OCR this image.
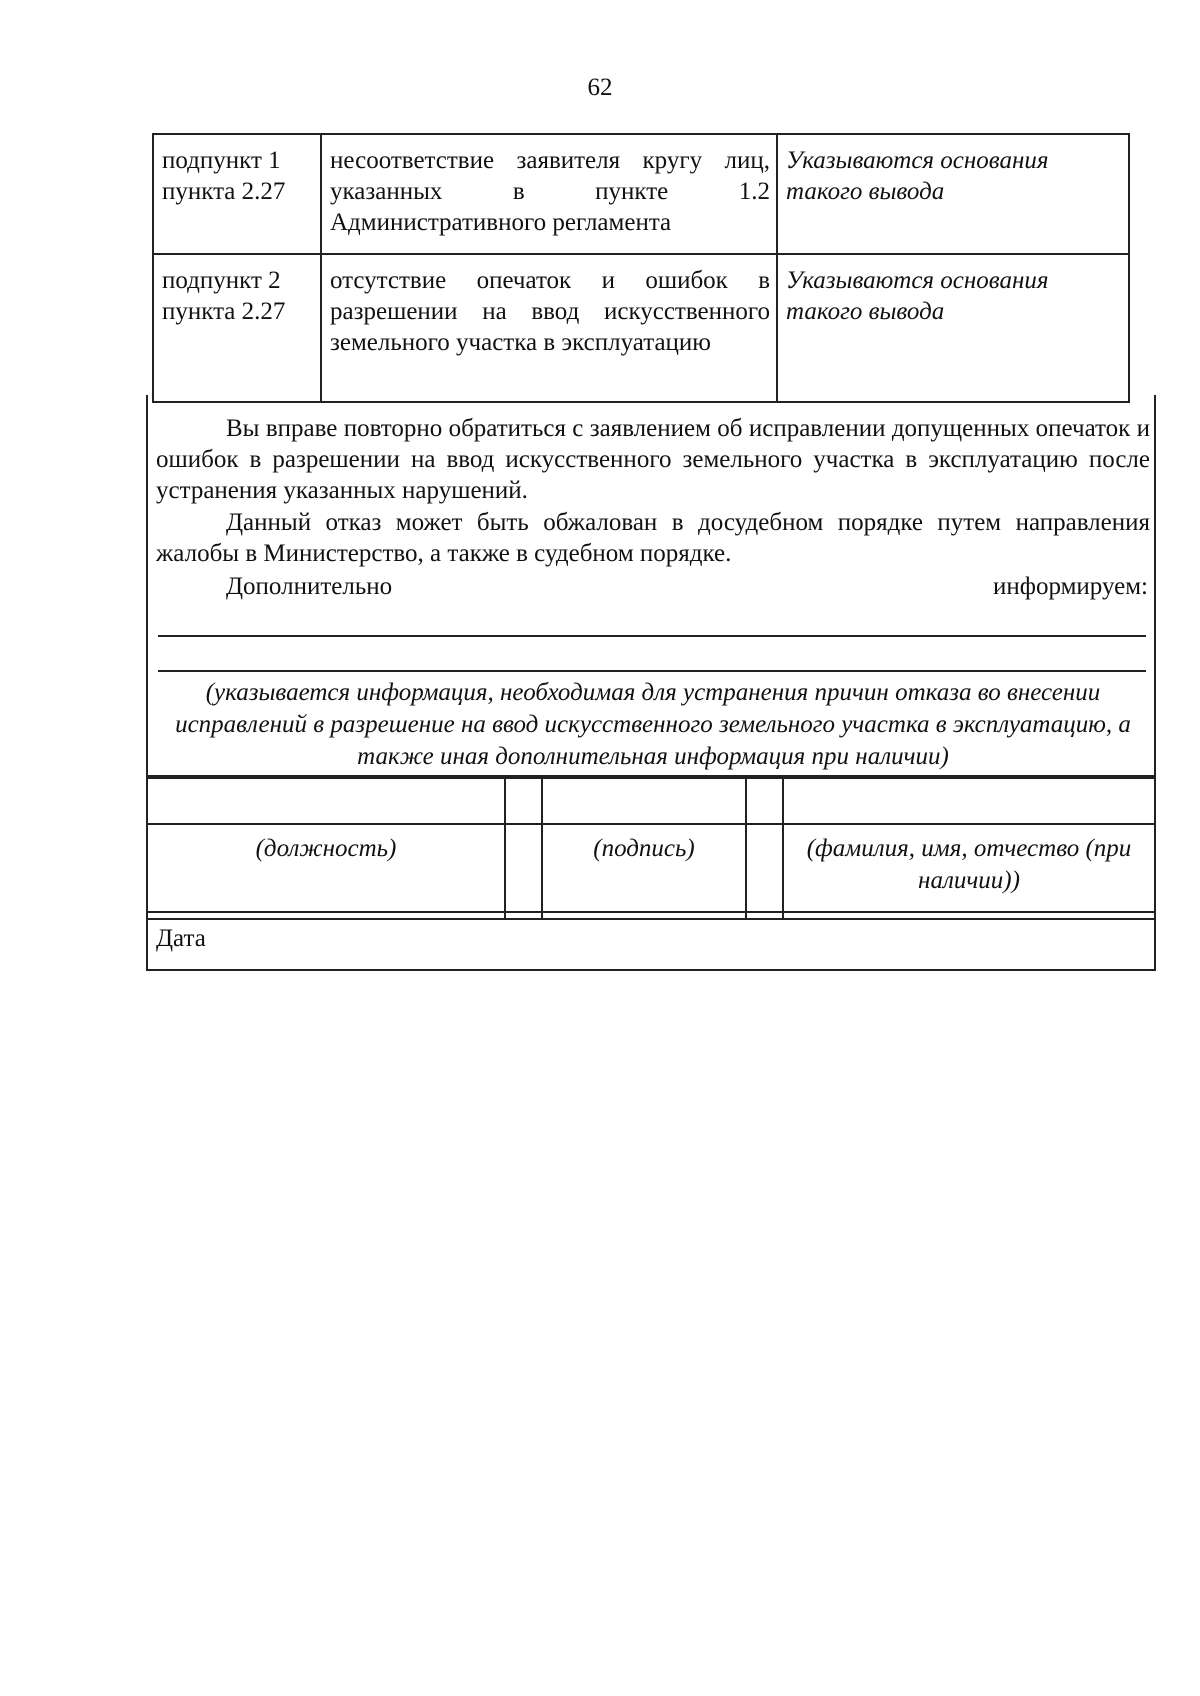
62
подпункт 1 пункта 2.27	несоответствие заявителя кругу лиц, указанных в пункте 1.2 Административного регламента	Указываются основания такого вывода
подпункт 2 пункта 2.27	отсутствие опечаток и ошибок в разрешении на ввод искусственного земельного участка в эксплуатацию	Указываются основания такого вывода
Вы вправе повторно обратиться с заявлением об исправлении допущенных опечаток и ошибок в разрешении на ввод искусственного земельного участка в эксплуатацию после устранения указанных нарушений.
Данный отказ может быть обжалован в досудебном порядке путем направления жалобы в Министерство, а также в судебном порядке.
Дополнительно	информируем:
(указывается информация, необходимая для устранения причин отказа во внесении исправлений в разрешение на ввод искусственного земельного участка в эксплуатацию, а также иная дополнительная информация при наличии)

(должность)		(подпись)		(фамилия, имя, отчество (при наличии))
Дата
